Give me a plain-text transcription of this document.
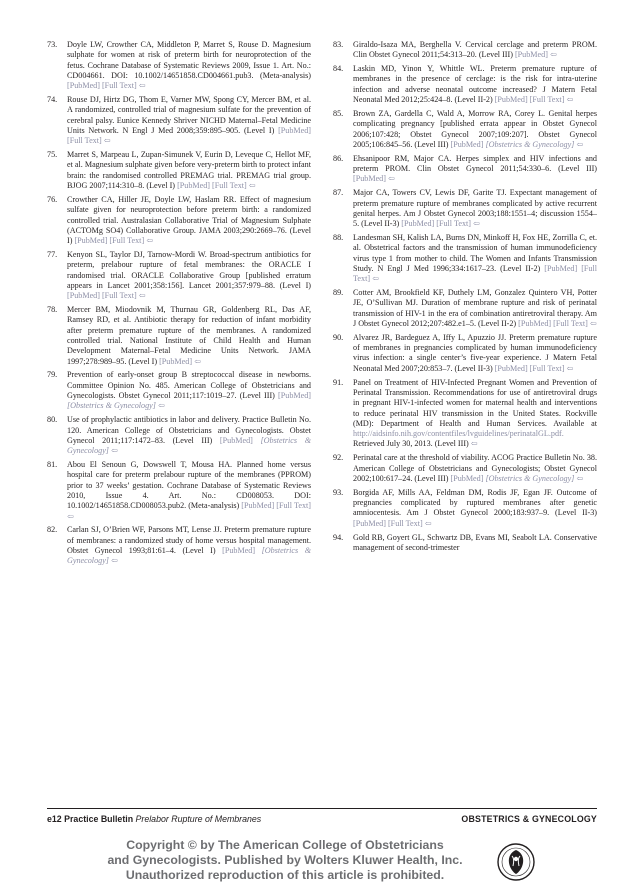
73.	Doyle LW, Crowther CA, Middleton P, Marret S, Rouse D. Magnesium sulphate for women at risk of preterm birth for neuroprotection of the fetus. Cochrane Database of Systematic Reviews 2009, Issue 1. Art. No.: CD004661. DOI: 10.1002/14651858.CD004661.pub3. (Meta-analysis) [PubMed] [Full Text] ⇦
74.	Rouse DJ, Hirtz DG, Thom E, Varner MW, Spong CY, Mercer BM, et al. A randomized, controlled trial of magnesium sulfate for the prevention of cerebral palsy. Eunice Kennedy Shriver NICHD Maternal–Fetal Medicine Units Network. N Engl J Med 2008;359:895–905. (Level I) [PubMed] [Full Text] ⇦
75.	Marret S, Marpeau L, Zupan-Simunek V, Eurin D, Leveque C, Hellot MF, et al. Magnesium sulphate given before very-preterm birth to protect infant brain: the randomised controlled PREMAG trial. PREMAG trial group. BJOG 2007;114:310–8. (Level I) [PubMed] [Full Text] ⇦
76.	Crowther CA, Hiller JE, Doyle LW, Haslam RR. Effect of magnesium sulfate given for neuroprotection before preterm birth: a randomized controlled trial. Australasian Collaborative Trial of Magnesium Sulphate (ACTOMg SO4) Collaborative Group. JAMA 2003;290:2669–76. (Level I) [PubMed] [Full Text] ⇦
77.	Kenyon SL, Taylor DJ, Tarnow-Mordi W. Broad-spectrum antibiotics for preterm, prelabour rupture of fetal membranes: the ORACLE I randomised trial. ORACLE Collaborative Group [published erratum appears in Lancet 2001;358:156]. Lancet 2001;357:979–88. (Level I) [PubMed] [Full Text] ⇦
78.	Mercer BM, Miodovnik M, Thurnau GR, Goldenberg RL, Das AF, Ramsey RD, et al. Antibiotic therapy for reduction of infant morbidity after preterm premature rupture of the membranes. A randomized controlled trial. National Institute of Child Health and Human Development Maternal–Fetal Medicine Units Network. JAMA 1997;278:989–95. (Level I) [PubMed] ⇦
79.	Prevention of early-onset group B streptococcal disease in newborns. Committee Opinion No. 485. American College of Obstetricians and Gynecologists. Obstet Gynecol 2011;117:1019–27. (Level III) [PubMed] [Obstetrics & Gynecology] ⇦
80.	Use of prophylactic antibiotics in labor and delivery. Practice Bulletin No. 120. American College of Obstetricians and Gynecologists. Obstet Gynecol 2011;117:1472–83. (Level III) [PubMed] [Obstetrics & Gynecology] ⇦
81.	Abou El Senoun G, Dowswell T, Mousa HA. Planned home versus hospital care for preterm prelabour rupture of the membranes (PPROM) prior to 37 weeks’ gestation. Cochrane Database of Systematic Reviews 2010, Issue 4. Art. No.: CD008053. DOI: 10.1002/14651858.CD008053.pub2. (Meta-analysis) [PubMed] [Full Text] ⇦
82.	Carlan SJ, O’Brien WF, Parsons MT, Lense JJ. Preterm premature rupture of membranes: a randomized study of home versus hospital management. Obstet Gynecol 1993;81:61–4. (Level I) [PubMed] [Obstetrics & Gynecology] ⇦
83.	Giraldo-Isaza MA, Berghella V. Cervical cerclage and preterm PROM. Clin Obstet Gynecol 2011;54:313–20. (Level III) [PubMed] ⇦
84.	Laskin MD, Yinon Y, Whittle WL. Preterm premature rupture of membranes in the presence of cerclage: is the risk for intra-uterine infection and adverse neonatal outcome increased? J Matern Fetal Neonatal Med 2012;25:424–8. (Level II-2) [PubMed] [Full Text] ⇦
85.	Brown ZA, Gardella C, Wald A, Morrow RA, Corey L. Genital herpes complicating pregnancy [published errata appear in Obstet Gynecol 2006;107:428; Obstet Gynecol 2007;109:207]. Obstet Gynecol 2005;106:845–56. (Level III) [PubMed] [Obstetrics & Gynecology] ⇦
86.	Ehsanipoor RM, Major CA. Herpes simplex and HIV infections and preterm PROM. Clin Obstet Gynecol 2011;54:330–6. (Level III) [PubMed] ⇦
87.	Major CA, Towers CV, Lewis DF, Garite TJ. Expectant management of preterm premature rupture of membranes complicated by active recurrent genital herpes. Am J Obstet Gynecol 2003;188:1551–4; discussion 1554–5. (Level II-3) [PubMed] [Full Text] ⇦
88.	Landesman SH, Kalish LA, Burns DN, Minkoff H, Fox HE, Zorrilla C, et. al. Obstetrical factors and the transmission of human immunodeficiency virus type 1 from mother to child. The Women and Infants Transmission Study. N Engl J Med 1996;334:1617–23. (Level II-2) [PubMed] [Full Text] ⇦
89.	Cotter AM, Brookfield KF, Duthely LM, Gonzalez Quintero VH, Potter JE, O’Sullivan MJ. Duration of membrane rupture and risk of perinatal transmission of HIV-1 in the era of combination antiretroviral therapy. Am J Obstet Gynecol 2012;207:482.e1–5. (Level II-2) [PubMed] [Full Text] ⇦
90.	Alvarez JR, Bardeguez A, Iffy L, Apuzzio JJ. Preterm premature rupture of membranes in pregnancies complicated by human immunodeficiency virus infection: a single center’s five-year experience. J Matern Fetal Neonatal Med 2007;20:853–7. (Level II-3) [PubMed] [Full Text] ⇦
91.	Panel on Treatment of HIV-Infected Pregnant Women and Prevention of Perinatal Transmission. Recommendations for use of antiretroviral drugs in pregnant HIV-1-infected women for maternal health and interventions to reduce perinatal HIV transmission in the United States. Rockville (MD): Department of Health and Human Services. Available at http://aidsinfo.nih.gov/contentfiles/lvguidelines/perinatalGL.pdf. Retrieved July 30, 2013. (Level III) ⇦
92.	Perinatal care at the threshold of viability. ACOG Practice Bulletin No. 38. American College of Obstetricians and Gynecologists; Obstet Gynecol 2002;100:617–24. (Level III) [PubMed] [Obstetrics & Gynecology] ⇦
93.	Borgida AF, Mills AA, Feldman DM, Rodis JF, Egan JF. Outcome of pregnancies complicated by ruptured membranes after genetic amniocentesis. Am J Obstet Gynecol 2000;183:937–9. (Level II-3) [PubMed] [Full Text] ⇦
94.	Gold RB, Goyert GL, Schwartz DB, Evans MI, Seabolt LA. Conservative management of second-trimester
e12 Practice Bulletin Prelabor Rupture of Membranes	OBSTETRICS & GYNECOLOGY
Copyright © by The American College of Obstetricians
and Gynecologists. Published by Wolters Kluwer Health, Inc.
Unauthorized reproduction of this article is prohibited.
